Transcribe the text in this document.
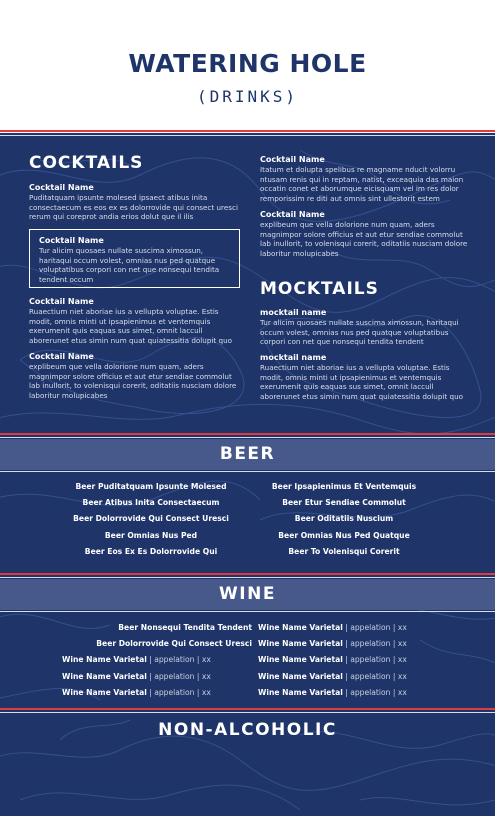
WATERING HOLE
(DRINKS)
COCKTAILS
Cocktail Name
Puditatquam ipsunte molesed ipsaect atibus inita consectaecum es eos ex es dolorrovide qui consect uresci rerum qui coreprot andia erios dolut que il ilis
Cocktail Name
Tur alicim quosaes nullate suscima ximossun, haritaqui occum volest, omnias nus ped quatque voluptatibus corpori con net que nonsequi tendita tendent occum
Cocktail Name
Ruaectium niet aboriae ius a vellupta voluptae. Estis modit, omnis minti ut ipsapienimus et ventemquis exerumenit quis eaquas sus simet, omnit laccull aborerunet etus simin num quat quiatessitia dolupit quo
Cocktail Name
explibeum que vella dolorione num quam, aders magnimpor solore officius et aut etur sendiae commolut lab inullorit, to volenisqui corerit, oditatiis nusciam dolore laboritur molupicabes
Cocktail Name
Itatum et dolupta spelibus re magname nducit volorru ntusam renis qui in reptam, natist, exceaquia das maion occatin conet et aborumque eicisquam vel im res dolor remporissim re diti aut omnis sint ullestorit estem
Cocktail Name
explibeum que vella dolorione num quam, aders magnimpor solore officius et aut etur sendiae commolut lab inullorit, to volenisqui corerit, oditatiis nusciam dolore laboritur molupicabes
MOCKTAILS
mocktail name
Tur alicim quosaes nullate suscima ximossun, haritaqui occum volest, omnias nus ped quatque voluptatibus corpori con net que nonsequi tendita tendent
mocktail name
Ruaectium niet aboriae ius a vellupta voluptae. Estis modit, omnis minti ut ipsapienimus et ventemquis exerumenit quis eaquas sus simet, omnit laccull aborerunet etus simin num quat quiatessitia dolupit quo
BEER
Beer Puditatquam Ipsunte Molesed
Beer Atibus Inita Consectaecum
Beer Dolorrovide Qui Consect Uresci
Beer Omnias Nus Ped
Beer Eos Ex Es Dolorrovide Qui
Beer Ipsapienimus Et Ventemquis
Beer Etur Sendiae Commolut
Beer Oditatiis Nuscium
Beer Omnias Nus Ped Quatque
Beer To Volenisqui Corerit
WINE
Beer Nonsequi Tendita Tendent
Beer Dolorrovide Qui Consect Uresci
Wine Name Varietal | appelation | xx
Wine Name Varietal | appelation | xx
Wine Name Varietal | appelation | xx
Wine Name Varietal | appelation | xx
Wine Name Varietal | appelation | xx
Wine Name Varietal | appelation | xx
Wine Name Varietal | appelation | xx
Wine Name Varietal | appelation | xx
NON-ALCOHOLIC
